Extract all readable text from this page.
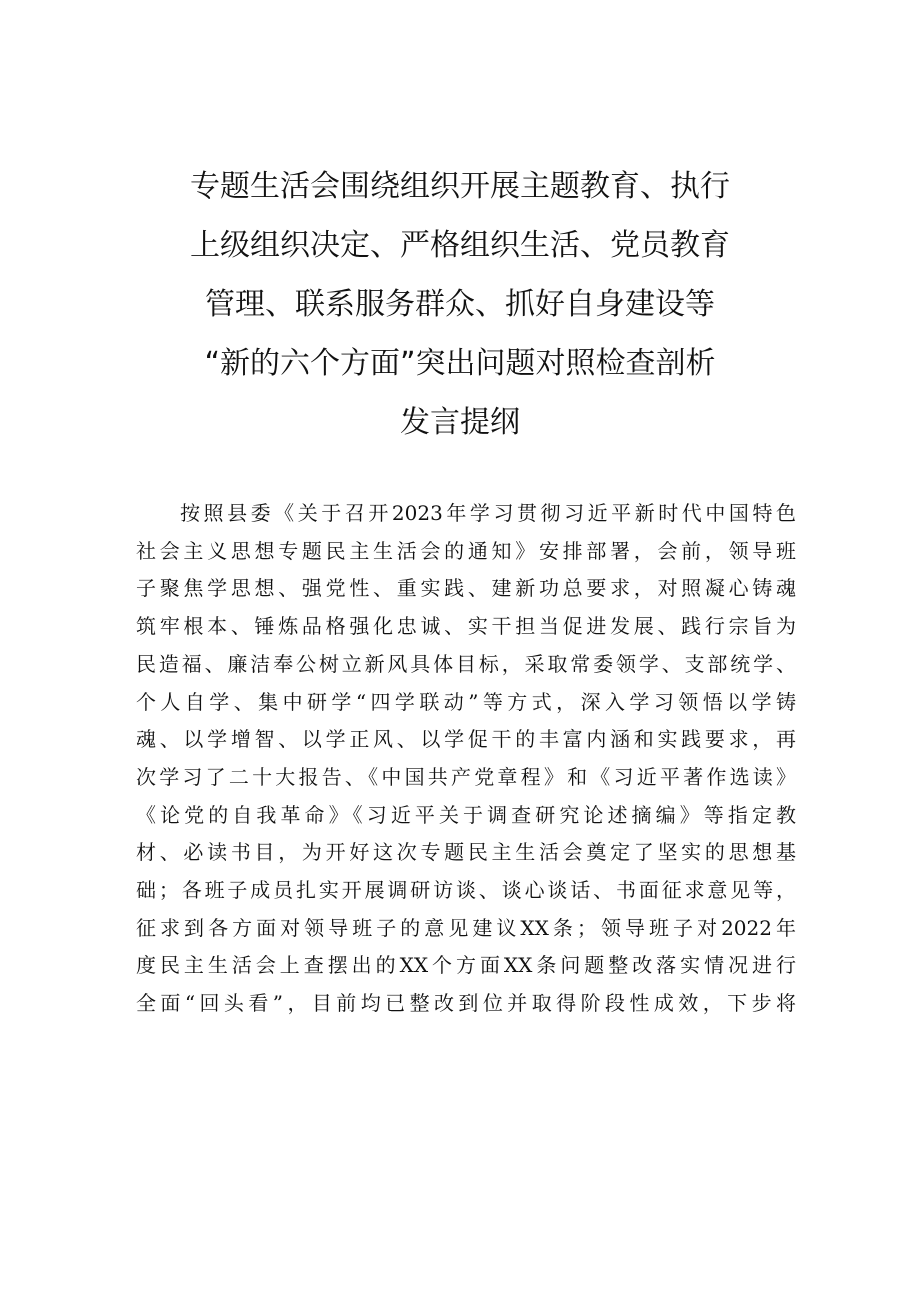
专题生活会围绕组织开展主题教育、执行
上级组织决定、严格组织生活、党员教育
管理、联系服务群众、抓好自身建设等
“新的六个方面”突出问题对照检查剖析
发言提纲
按照县委《关于召开2023年学习贯彻习近平新时代中国特色
社会主义思想专题民主生活会的通知》安排部署，会前，领导班
子聚焦学思想、强党性、重实践、建新功总要求，对照凝心铸魂
筑牢根本、锤炼品格强化忠诚、实干担当促进发展、践行宗旨为
民造福、廉洁奉公树立新风具体目标，采取常委领学、支部统学、
个人自学、集中研学“四学联动”等方式，深入学习领悟以学铸
魂、以学增智、以学正风、以学促干的丰富内涵和实践要求，再
次学习了二十大报告、《中国共产党章程》和《习近平著作选读》
《论党的自我革命》《习近平关于调查研究论述摘编》等指定教
材、必读书目，为开好这次专题民主生活会奠定了坚实的思想基
础；各班子成员扎实开展调研访谈、谈心谈话、书面征求意见等，
征求到各方面对领导班子的意见建议XX条；领导班子对2022年
度民主生活会上查摆出的XX个方面XX条问题整改落实情况进行
全面“回头看”，目前均已整改到位并取得阶段性成效，下步将
